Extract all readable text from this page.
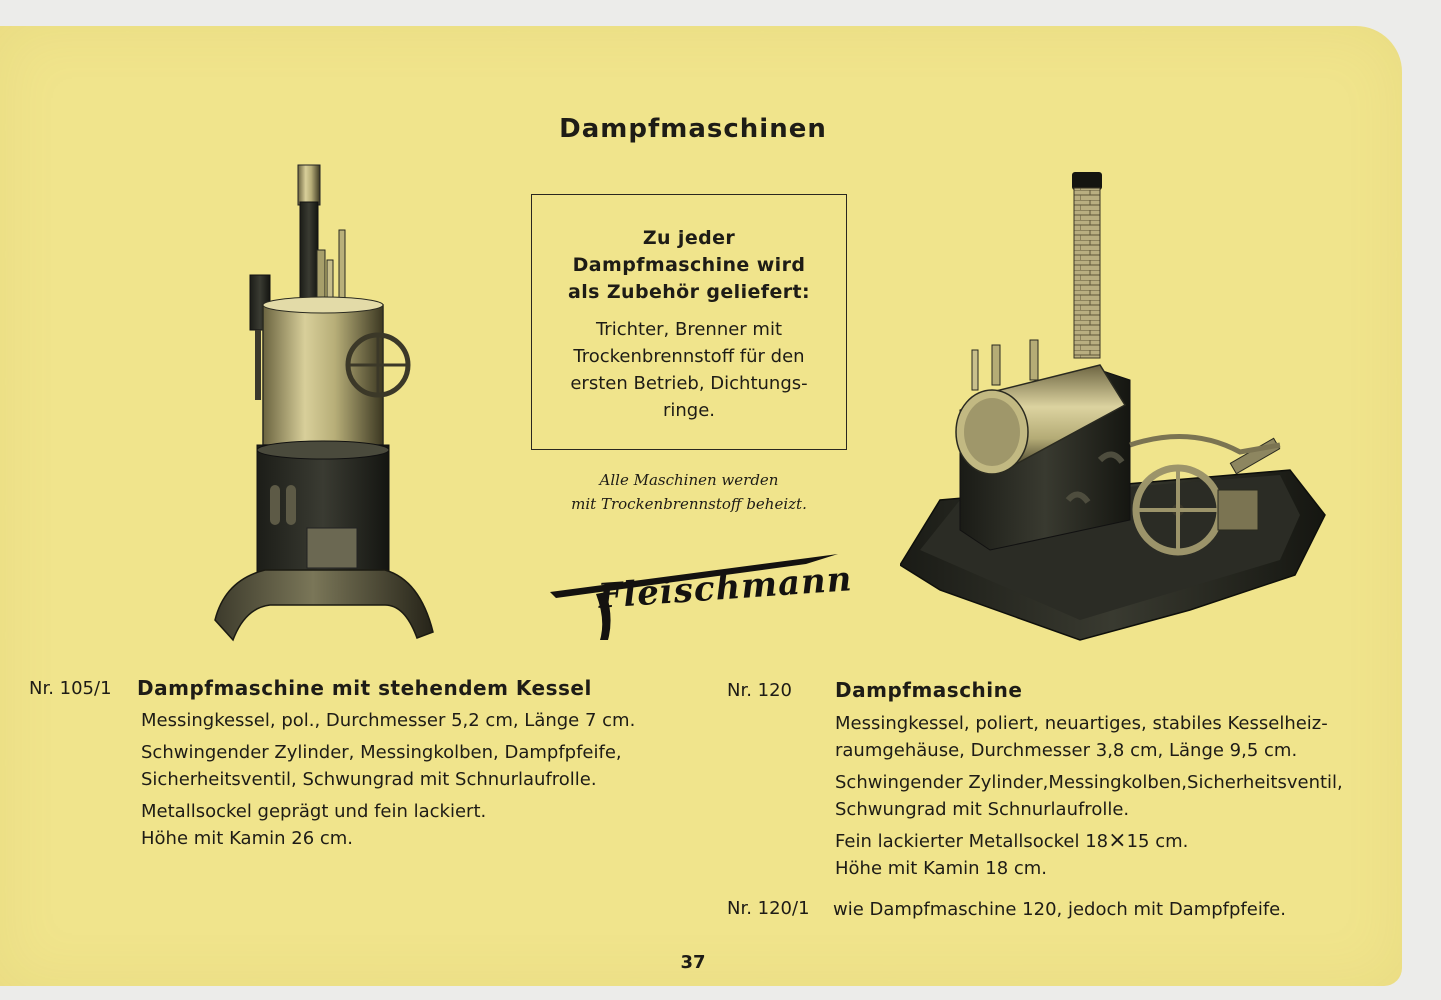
Dampfmaschinen
Zu jeder
Dampfmaschine wird
als Zubehör geliefert:
Trichter, Brenner mit
Trockenbrennstoff für den
ersten Betrieb, Dichtungs-
ringe.
Alle Maschinen werden
mit Trockenbrennstoff beheizt.
Fleischmann
Nr. 105/1 Dampfmaschine mit stehendem Kessel
Messingkessel, pol., Durchmesser 5,2 cm, Länge 7 cm.
Schwingender Zylinder, Messingkolben, Dampfpfeife,
Sicherheitsventil, Schwungrad mit Schnurlaufrolle.
Metallsockel geprägt und fein lackiert.
Höhe mit Kamin 26 cm.
Nr. 120 Dampfmaschine
Messingkessel, poliert, neuartiges, stabiles Kesselheiz-
raumgehäuse, Durchmesser 3,8 cm, Länge 9,5 cm.
Schwingender Zylinder,Messingkolben,Sicherheitsventil,
Schwungrad mit Schnurlaufrolle.
Fein lackierter Metallsockel 18×15 cm.
Höhe mit Kamin 18 cm.
Nr. 120/1 wie Dampfmaschine 120, jedoch mit Dampfpfeife.
37
